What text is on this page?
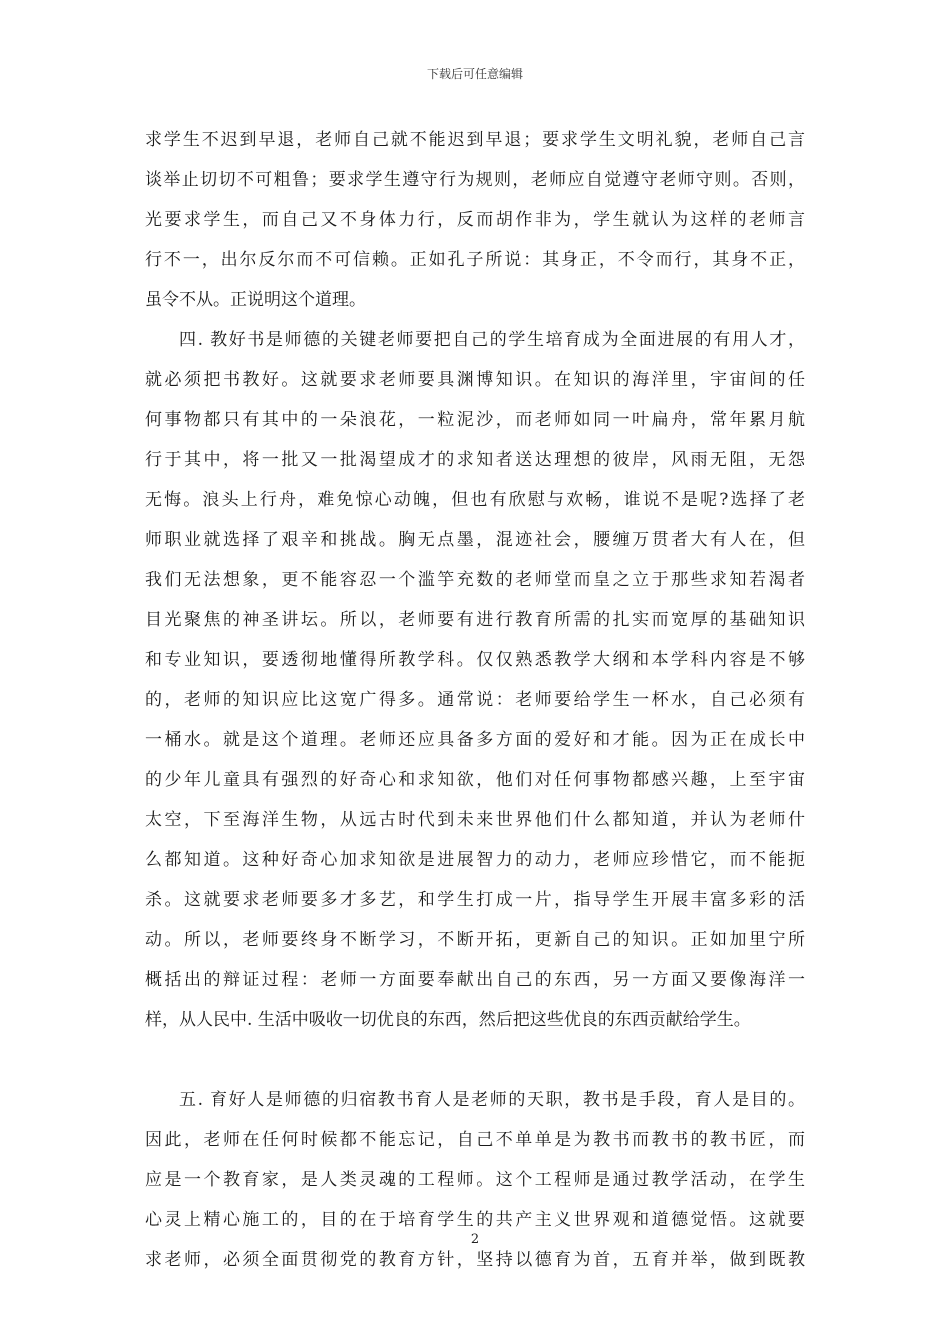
下载后可任意编辑
求学生不迟到早退，老师自己就不能迟到早退；要求学生文明礼貌，老师自己言
谈举止切切不可粗鲁；要求学生遵守行为规则，老师应自觉遵守老师守则。否则，
光要求学生，而自己又不身体力行，反而胡作非为，学生就认为这样的老师言
行不一，出尔反尔而不可信赖。正如孔子所说：其身正，不令而行，其身不正，
虽令不从。正说明这个道理。
四. 教好书是师德的关键老师要把自己的学生培育成为全面进展的有用人才，
就必须把书教好。这就要求老师要具渊博知识。在知识的海洋里，宇宙间的任
何事物都只有其中的一朵浪花，一粒泥沙，而老师如同一叶扁舟，常年累月航
行于其中，将一批又一批渴望成才的求知者送达理想的彼岸，风雨无阻，无怨
无悔。浪头上行舟，难免惊心动魄，但也有欣慰与欢畅，谁说不是呢?选择了老
师职业就选择了艰辛和挑战。胸无点墨，混迹社会，腰缠万贯者大有人在，但
我们无法想象，更不能容忍一个滥竽充数的老师堂而皇之立于那些求知若渴者
目光聚焦的神圣讲坛。所以，老师要有进行教育所需的扎实而宽厚的基础知识
和专业知识，要透彻地懂得所教学科。仅仅熟悉教学大纲和本学科内容是不够
的，老师的知识应比这宽广得多。通常说：老师要给学生一杯水，自己必须有
一桶水。就是这个道理。老师还应具备多方面的爱好和才能。因为正在成长中
的少年儿童具有强烈的好奇心和求知欲，他们对任何事物都感兴趣，上至宇宙
太空，下至海洋生物，从远古时代到未来世界他们什么都知道，并认为老师什
么都知道。这种好奇心加求知欲是进展智力的动力，老师应珍惜它，而不能扼
杀。这就要求老师要多才多艺，和学生打成一片，指导学生开展丰富多彩的活
动。所以，老师要终身不断学习，不断开拓，更新自己的知识。正如加里宁所
概括出的辩证过程：老师一方面要奉献出自己的东西，另一方面又要像海洋一
样，从人民中. 生活中吸收一切优良的东西，然后把这些优良的东西贡献给学生。
五. 育好人是师德的归宿教书育人是老师的天职，教书是手段，育人是目的。
因此，老师在任何时候都不能忘记，自己不单单是为教书而教书的教书匠，而
应是一个教育家，是人类灵魂的工程师。这个工程师是通过教学活动，在学生
心灵上精心施工的，目的在于培育学生的共产主义世界观和道德觉悟。这就要
求老师，必须全面贯彻党的教育方针，坚持以德育为首，五育并举，做到既教
2
